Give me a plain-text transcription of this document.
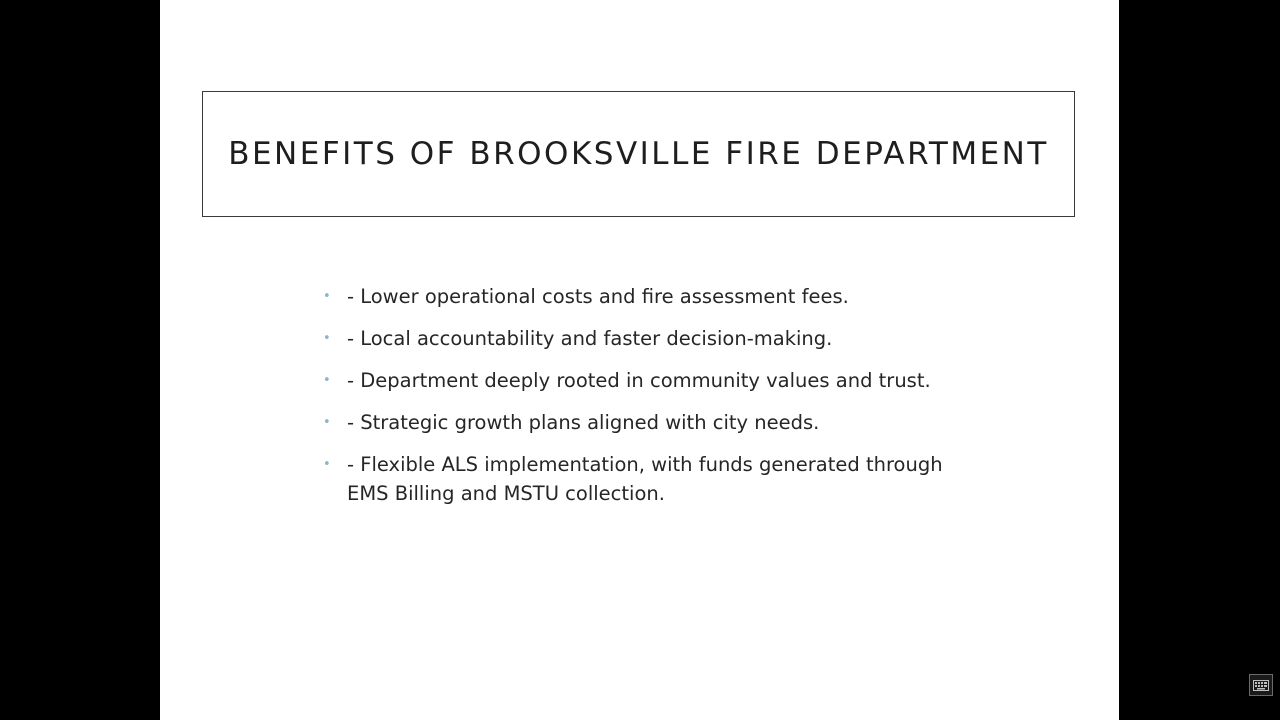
BENEFITS OF BROOKSVILLE FIRE DEPARTMENT
• - Lower operational costs and fire assessment fees.
• - Local accountability and faster decision-making.
• - Department deeply rooted in community values and trust.
• - Strategic growth plans aligned with city needs.
• - Flexible ALS implementation, with funds generated through EMS Billing and MSTU collection.
